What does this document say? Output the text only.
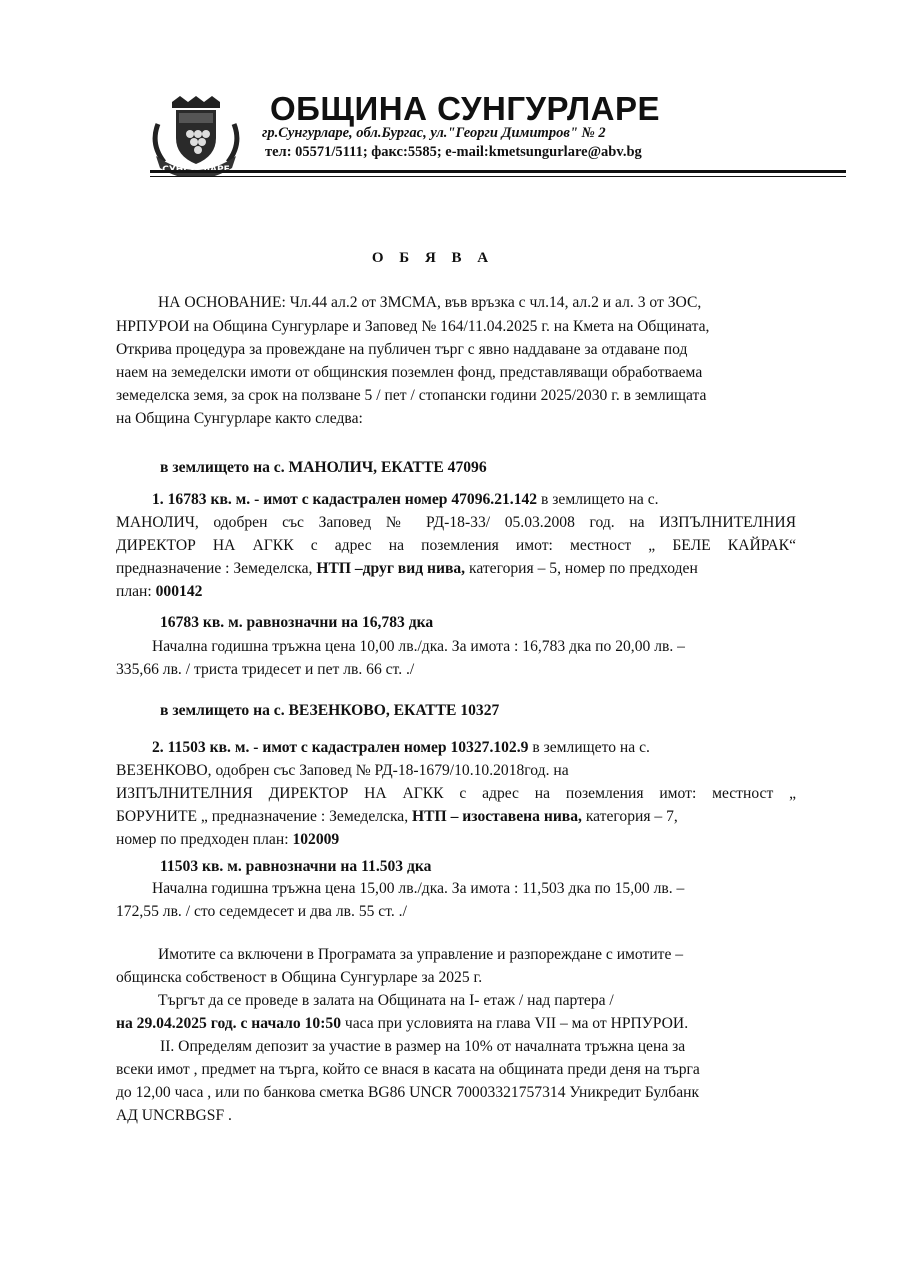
СУНГУРЛАРЕ
ОБЩИНА СУНГУРЛАРЕ
гр.Сунгурларе, обл.Бургас, ул."Георги Димитров" № 2
тел: 05571/5111; факс:5585; e-mail:kmetsungurlare@abv.bg
О Б Я В А
НА ОСНОВАНИЕ: Чл.44 ал.2 от ЗМСМА, във връзка с чл.14, ал.2 и ал. 3 от ЗОС,
НРПУРОИ на Община Сунгурларе и Заповед № 164/11.04.2025 г. на Кмета на Общината,
Открива процедура за провеждане на публичен търг с явно наддаване за отдаване под
наем на земеделски имоти от общинския поземлен фонд, представляващи обработваема
земеделска земя, за срок на ползване 5 / пет / стопански години 2025/2030 г. в землищата
на Община Сунгурларе както следва:
в землището на с. МАНОЛИЧ, ЕКАТТЕ 47096
1. 16783 кв. м. - имот с кадастрален номер 47096.21.142 в землището на с.
МАНОЛИЧ, одобрен със Заповед № РД-18-33/ 05.03.2008 год. на ИЗПЪЛНИТЕЛНИЯ
ДИРЕКТОР НА АГКК с адрес на поземления имот: местност „ БЕЛЕ КАЙРАК“
предназначение : Земеделска, НТП –друг вид нива, категория – 5, номер по предходен
план: 000142
16783 кв. м. равнозначни на 16,783 дка
Начална годишна тръжна цена 10,00 лв./дка. За имота : 16,783 дка по 20,00 лв. –
335,66 лв. / триста тридесет и пет лв. 66 ст. ./
в землището на с. ВЕЗЕНКОВО, ЕКАТТЕ 10327
2. 11503 кв. м. - имот с кадастрален номер 10327.102.9 в землището на с.
ВЕЗЕНКОВО, одобрен със Заповед № РД-18-1679/10.10.2018год. на
ИЗПЪЛНИТЕЛНИЯ ДИРЕКТОР НА АГКК с адрес на поземления имот: местност „
БОРУНИТЕ „ предназначение : Земеделска, НТП – изоставена нива, категория – 7,
номер по предходен план: 102009
11503 кв. м. равнозначни на 11.503 дка
Начална годишна тръжна цена 15,00 лв./дка. За имота : 11,503 дка по 15,00 лв. –
172,55 лв. / сто седемдесет и два лв. 55 ст. ./
Имотите са включени в Програмата за управление и разпореждане с имотите –
общинска собственост в Община Сунгурларе за 2025 г.
Търгът да се проведе в залата на Общината на I- етаж / над партера /
на 29.04.2025 год. с начало 10:50 часа при условията на глава VII – ма от НРПУРОИ.
II. Определям депозит за участие в размер на 10% от началната тръжна цена за
всеки имот , предмет на търга, който се внася в касата на общината преди деня на търга
до 12,00 часа , или по банкова сметка BG86 UNCR 70003321757314 Уникредит Булбанк
АД UNCRBGSF .
